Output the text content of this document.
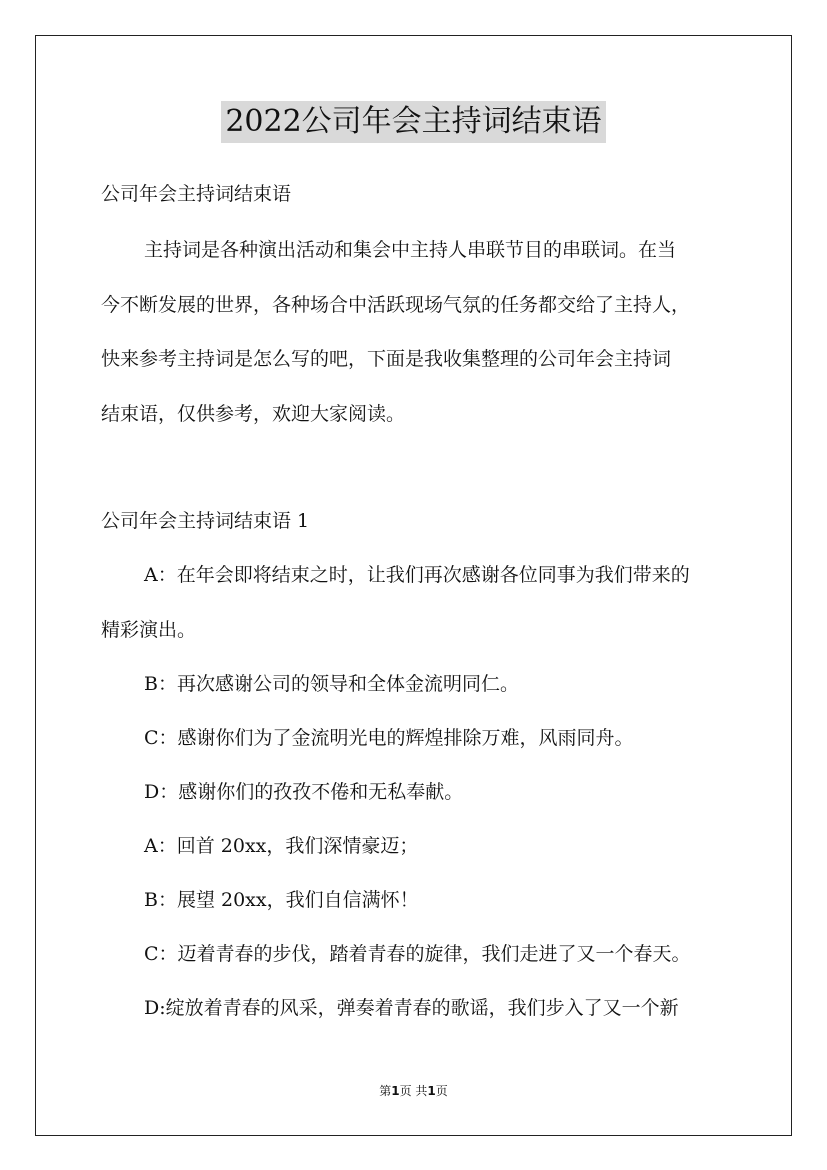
2022公司年会主持词结束语
公司年会主持词结束语
主持词是各种演出活动和集会中主持人串联节目的串联词。在当
今不断发展的世界，各种场合中活跃现场气氛的任务都交给了主持人，
快来参考主持词是怎么写的吧，下面是我收集整理的公司年会主持词
结束语，仅供参考，欢迎大家阅读。
公司年会主持词结束语 1
A：在年会即将结束之时，让我们再次感谢各位同事为我们带来的
精彩演出。
B：再次感谢公司的领导和全体金流明同仁。
C：感谢你们为了金流明光电的辉煌排除万难，风雨同舟。
D：感谢你们的孜孜不倦和无私奉献。
A：回首 20xx，我们深情豪迈；
B：展望 20xx，我们自信满怀！
C：迈着青春的步伐，踏着青春的旋律，我们走进了又一个春天。
D:绽放着青春的风采，弹奏着青春的歌谣，我们步入了又一个新
第1页 共1页
